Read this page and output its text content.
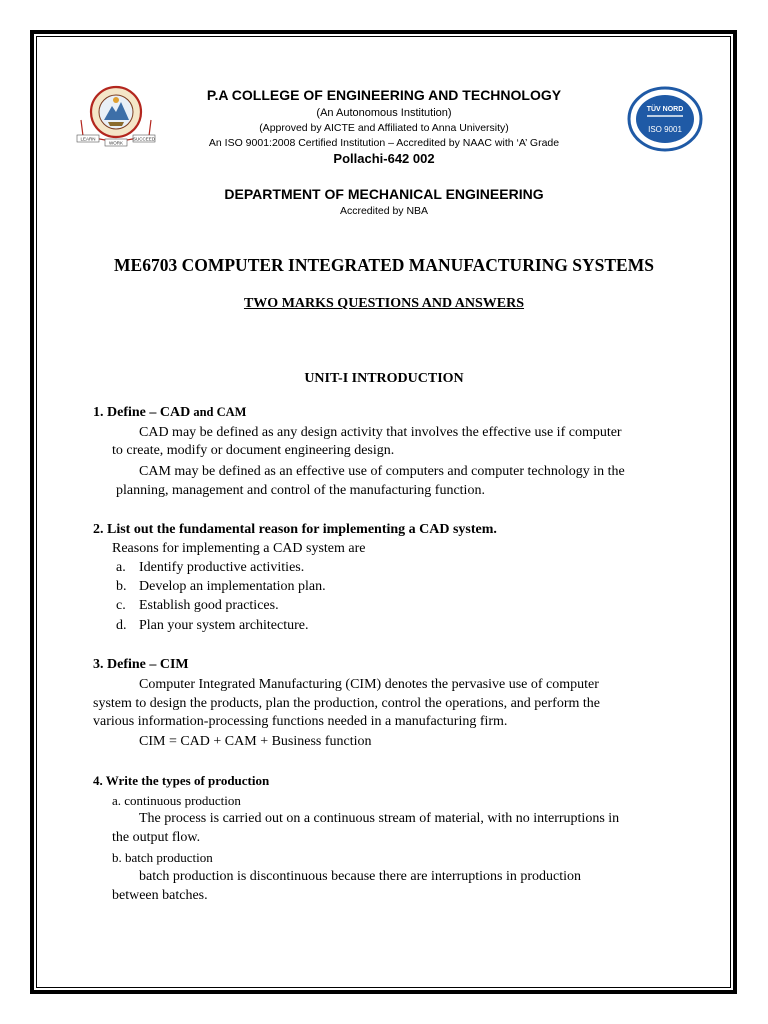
LEARN
WORK
SUCCEED
TÜV NORD
ISO 9001
P.A COLLEGE OF ENGINEERING AND TECHNOLOGY
(An Autonomous Institution)
(Approved by AICTE and Affiliated to Anna University)
An ISO 9001:2008 Certified Institution – Accredited by NAAC with ‘A’ Grade
Pollachi-642 002
DEPARTMENT OF MECHANICAL ENGINEERING
Accredited by NBA
ME6703 COMPUTER INTEGRATED MANUFACTURING SYSTEMS
TWO MARKS QUESTIONS AND ANSWERS
UNIT-I INTRODUCTION
1. Define – CAD and CAM
CAD may be defined as any design activity that involves the effective use if computer
to create, modify or document engineering design.
CAM may be defined as an effective use of computers and computer technology in the
planning, management and control of the manufacturing function.
2. List out the fundamental reason for implementing a CAD system.
Reasons for implementing a CAD system are
a. Identify productive activities.
b. Develop an implementation plan.
c. Establish good practices.
d. Plan your system architecture.
3. Define – CIM
Computer Integrated Manufacturing (CIM) denotes the pervasive use of computer
system to design the products, plan the production, control the operations, and perform the
various information-processing functions needed in a manufacturing firm.
CIM = CAD + CAM + Business function
4. Write the types of production
a. continuous production
The process is carried out on a continuous stream of material, with no interruptions in
the output flow.
b. batch production
batch production is discontinuous because there are interruptions in production
between batches.
